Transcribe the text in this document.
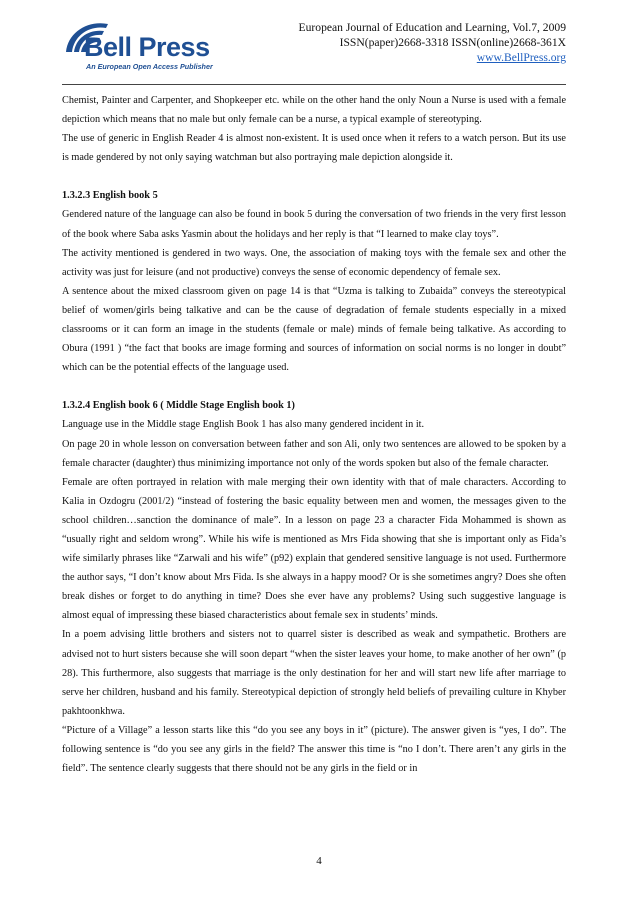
Bell Press
An European Open Access Publisher
European Journal of Education and Learning, Vol.7, 2009
ISSN(paper)2668-3318 ISSN(online)2668-361X
www.BellPress.org

Chemist, Painter and Carpenter, and Shopkeeper etc. while on the other hand the only Noun a Nurse is used with a female depiction which means that no male but only female can be a nurse, a typical example of stereotyping.

The use of generic in English Reader 4 is almost non-existent. It is used once when it refers to a watch person. But its use is made gendered by not only saying watchman but also portraying male depiction alongside it.

1.3.2.3 English book 5

Gendered nature of the language can also be found in book 5 during the conversation of two friends in the very first lesson of the book where Saba asks Yasmin about the holidays and her reply is that “I learned to make clay toys”.

The activity mentioned is gendered in two ways. One, the association of making toys with the female sex and other the activity was just for leisure (and not productive) conveys the sense of economic dependency of female sex.

A sentence about the mixed classroom given on page 14 is that “Uzma is talking to Zubaida” conveys the stereotypical belief of women/girls being talkative and can be the cause of degradation of female students especially in a mixed classrooms or it can form an image in the students (female or male) minds of female being talkative. As according to Obura (1991 ) “the fact that books are image forming and sources of information on social norms is no longer in doubt” which can be the potential effects of the language used.

1.3.2.4 English book 6 ( Middle Stage English book 1)

Language use in the Middle stage English Book 1 has also many gendered incident in it.

On page 20 in whole lesson on conversation between father and son Ali, only two sentences are allowed to be spoken by a female character (daughter) thus minimizing importance not only of the words spoken but also of the female character.

Female are often portrayed in relation with male merging their own identity with that of male characters. According to Kalia in Ozdogru (2001/2) “instead of fostering the basic equality between men and women, the messages given to the school children…sanction the dominance of male”. In a lesson on page 23 a character Fida Mohammed is shown as “usually right and seldom wrong”. While his wife is mentioned as Mrs Fida showing that she is important only as Fida’s wife similarly phrases like “Zarwali and his wife” (p92) explain that gendered sensitive language is not used. Furthermore the author says, “I don’t know about Mrs Fida. Is she always in a happy mood? Or is she sometimes angry? Does she often break dishes or forget to do anything in time? Does she ever have any problems? Using such suggestive language is almost equal of impressing these biased characteristics about female sex in students’ minds.

In a poem advising little brothers and sisters not to quarrel sister is described as weak and sympathetic. Brothers are advised not to hurt sisters because she will soon depart “when the sister leaves your home, to make another of her own” (p 28). This furthermore, also suggests that marriage is the only destination for her and will start new life after marriage to serve her children, husband and his family. Stereotypical depiction of strongly held beliefs of prevailing culture in Khyber pakhtoonkhwa.

“Picture of a Village” a lesson starts like this “do you see any boys in it” (picture). The answer given is “yes, I do”. The following sentence is “do you see any girls in the field? The answer this time is “no I don’t. There aren’t any girls in the field”. The sentence clearly suggests that there should not be any girls in the field or in

4
